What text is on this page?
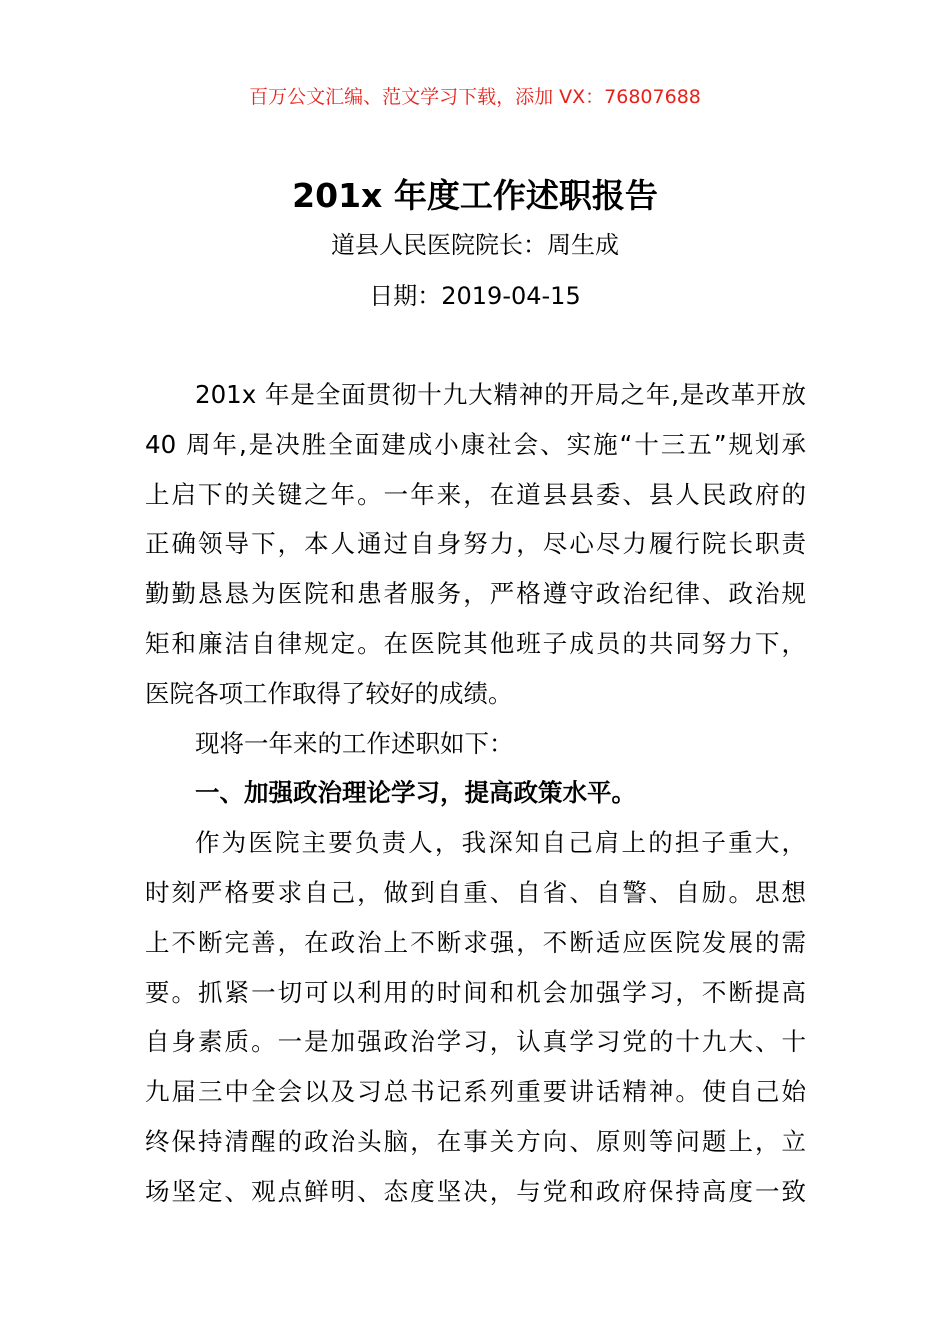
百万公文汇编、范文学习下载，添加 VX：76807688
201x 年度工作述职报告
道县人民医院院长：周生成
日期：2019-04-15
201x 年是全面贯彻十九大精神的开局之年,是改革开放
40 周年,是决胜全面建成小康社会、实施“十三五”规划承
上启下的关键之年。一年来，在道县县委、县人民政府的
正确领导下，本人通过自身努力，尽心尽力履行院长职责
勤勤恳恳为医院和患者服务，严格遵守政治纪律、政治规
矩和廉洁自律规定。在医院其他班子成员的共同努力下，
医院各项工作取得了较好的成绩。
现将一年来的工作述职如下：
一、加强政治理论学习，提高政策水平。
作为医院主要负责人，我深知自己肩上的担子重大，
时刻严格要求自己，做到自重、自省、自警、自励。思想
上不断完善，在政治上不断求强，不断适应医院发展的需
要。抓紧一切可以利用的时间和机会加强学习，不断提高
自身素质。一是加强政治学习，认真学习党的十九大、十
九届三中全会以及习总书记系列重要讲话精神。使自己始
终保持清醒的政治头脑，在事关方向、原则等问题上，立
场坚定、观点鲜明、态度坚决，与党和政府保持高度一致
